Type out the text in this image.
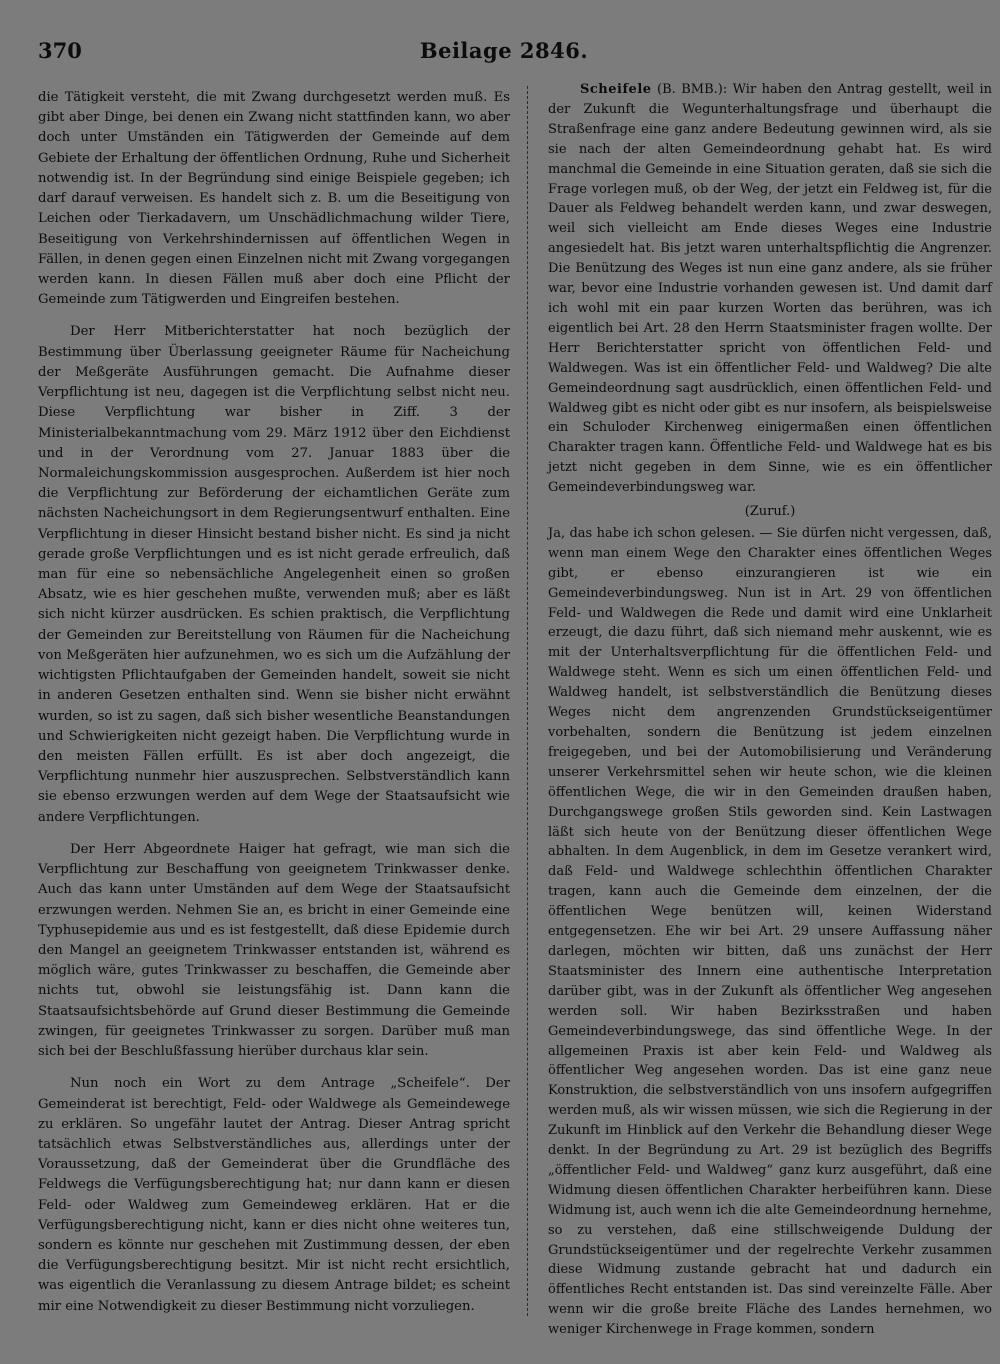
370	Beilage 2846.

die Tätigkeit versteht, die mit Zwang durchgesetzt werden muß. Es gibt aber Dinge, bei denen ein Zwang nicht stattfinden kann, wo aber doch unter Umständen ein Tätigwerden der Gemeinde auf dem Gebiete der Erhaltung der öffentlichen Ordnung, Ruhe und Sicherheit notwendig ist. In der Begründung sind einige Beispiele gegeben; ich darf darauf verweisen. Es handelt sich z. B. um die Beseitigung von Leichen oder Tierkadavern, um Unschädlichmachung wilder Tiere, Beseitigung von Verkehrshindernissen auf öffentlichen Wegen in Fällen, in denen gegen einen Einzelnen nicht mit Zwang vorgegangen werden kann. In diesen Fällen muß aber doch eine Pflicht der Gemeinde zum Tätigwerden und Eingreifen bestehen.

Der Herr Mitberichterstatter hat noch bezüglich der Bestimmung über Überlassung geeigneter Räume für Nacheichung der Meßgeräte Ausführungen gemacht. Die Aufnahme dieser Verpflichtung ist neu, dagegen ist die Verpflichtung selbst nicht neu. Diese Verpflichtung war bisher in Ziff. 3 der Ministerialbekanntmachung vom 29. März 1912 über den Eichdienst und in der Verordnung vom 27. Januar 1883 über die Normaleichungskommission ausgesprochen. Außerdem ist hier noch die Verpflichtung zur Beförderung der eichamtlichen Geräte zum nächsten Nacheichungsort in dem Regierungsentwurf enthalten. Eine Verpflichtung in dieser Hinsicht bestand bisher nicht. Es sind ja nicht gerade große Verpflichtungen und es ist nicht gerade erfreulich, daß man für eine so nebensächliche Angelegenheit einen so großen Absatz, wie es hier geschehen mußte, verwenden muß; aber es läßt sich nicht kürzer ausdrücken. Es schien praktisch, die Verpflichtung der Gemeinden zur Bereitstellung von Räumen für die Nacheichung von Meßgeräten hier aufzunehmen, wo es sich um die Aufzählung der wichtigsten Pflichtaufgaben der Gemeinden handelt, soweit sie nicht in anderen Gesetzen enthalten sind. Wenn sie bisher nicht erwähnt wurden, so ist zu sagen, daß sich bisher wesentliche Beanstandungen und Schwierigkeiten nicht gezeigt haben. Die Verpflichtung wurde in den meisten Fällen erfüllt. Es ist aber doch angezeigt, die Verpflichtung nunmehr hier auszusprechen. Selbstverständlich kann sie ebenso erzwungen werden auf dem Wege der Staatsaufsicht wie andere Verpflichtungen.

Der Herr Abgeordnete Haiger hat gefragt, wie man sich die Verpflichtung zur Beschaffung von geeignetem Trinkwasser denke. Auch das kann unter Umständen auf dem Wege der Staatsaufsicht erzwungen werden. Nehmen Sie an, es bricht in einer Gemeinde eine Typhusepidemie aus und es ist festgestellt, daß diese Epidemie durch den Mangel an geeignetem Trinkwasser entstanden ist, während es möglich wäre, gutes Trinkwasser zu beschaffen, die Gemeinde aber nichts tut, obwohl sie leistungsfähig ist. Dann kann die Staatsaufsichtsbehörde auf Grund dieser Bestimmung die Gemeinde zwingen, für geeignetes Trinkwasser zu sorgen. Darüber muß man sich bei der Beschlußfassung hierüber durchaus klar sein.

Nun noch ein Wort zu dem Antrage „Scheifele“. Der Gemeinderat ist berechtigt, Feld- oder Waldwege als Gemeindewege zu erklären. So ungefähr lautet der Antrag. Dieser Antrag spricht tatsächlich etwas Selbstverständliches aus, allerdings unter der Voraussetzung, daß der Gemeinderat über die Grundfläche des Feldwegs die Verfügungsberechtigung hat; nur dann kann er diesen Feld- oder Waldweg zum Gemeindeweg erklären. Hat er die Verfügungsberechtigung nicht, kann er dies nicht ohne weiteres tun, sondern es könnte nur geschehen mit Zustimmung dessen, der eben die Verfügungsberechtigung besitzt. Mir ist nicht recht ersichtlich, was eigentlich die Veranlassung zu diesem Antrage bildet; es scheint mir eine Notwendigkeit zu dieser Bestimmung nicht vorzuliegen.

Scheifele (B. BMB.): Wir haben den Antrag gestellt, weil in der Zukunft die Wegunterhaltungsfrage und überhaupt die Straßenfrage eine ganz andere Bedeutung gewinnen wird, als sie sie nach der alten Gemeindeordnung gehabt hat. Es wird manchmal die Gemeinde in eine Situation geraten, daß sie sich die Frage vorlegen muß, ob der Weg, der jetzt ein Feldweg ist, für die Dauer als Feldweg behandelt werden kann, und zwar deswegen, weil sich vielleicht am Ende dieses Weges eine Industrie angesiedelt hat. Bis jetzt waren unterhaltspflichtig die Angrenzer. Die Benützung des Weges ist nun eine ganz andere, als sie früher war, bevor eine Industrie vorhanden gewesen ist. Und damit darf ich wohl mit ein paar kurzen Worten das berühren, was ich eigentlich bei Art. 28 den Herrn Staatsminister fragen wollte. Der Herr Berichterstatter spricht von öffentlichen Feld- und Waldwegen. Was ist ein öffentlicher Feld- und Waldweg? Die alte Gemeindeordnung sagt ausdrücklich, einen öffentlichen Feld- und Waldweg gibt es nicht oder gibt es nur insofern, als beispielsweise ein Schuloder Kirchenweg einigermaßen einen öffentlichen Charakter tragen kann. Öffentliche Feld- und Waldwege hat es bis jetzt nicht gegeben in dem Sinne, wie es ein öffentlicher Gemeindeverbindungsweg war.

(Zuruf.)

Ja, das habe ich schon gelesen. — Sie dürfen nicht vergessen, daß, wenn man einem Wege den Charakter eines öffentlichen Weges gibt, er ebenso einzurangieren ist wie ein Gemeindeverbindungsweg. Nun ist in Art. 29 von öffentlichen Feld- und Waldwegen die Rede und damit wird eine Unklarheit erzeugt, die dazu führt, daß sich niemand mehr auskennt, wie es mit der Unterhaltsverpflichtung für die öffentlichen Feld- und Waldwege steht. Wenn es sich um einen öffentlichen Feld- und Waldweg handelt, ist selbstverständlich die Benützung dieses Weges nicht dem angrenzenden Grundstückseigentümer vorbehalten, sondern die Benützung ist jedem einzelnen freigegeben, und bei der Automobilisierung und Veränderung unserer Verkehrsmittel sehen wir heute schon, wie die kleinen öffentlichen Wege, die wir in den Gemeinden draußen haben, Durchgangswege großen Stils geworden sind. Kein Lastwagen läßt sich heute von der Benützung dieser öffentlichen Wege abhalten. In dem Augenblick, in dem im Gesetze verankert wird, daß Feld- und Waldwege schlechthin öffentlichen Charakter tragen, kann auch die Gemeinde dem einzelnen, der die öffentlichen Wege benützen will, keinen Widerstand entgegensetzen. Ehe wir bei Art. 29 unsere Auffassung näher darlegen, möchten wir bitten, daß uns zunächst der Herr Staatsminister des Innern eine authentische Interpretation darüber gibt, was in der Zukunft als öffentlicher Weg angesehen werden soll. Wir haben Bezirksstraßen und haben Gemeindeverbindungswege, das sind öffentliche Wege. In der allgemeinen Praxis ist aber kein Feld- und Waldweg als öffentlicher Weg angesehen worden. Das ist eine ganz neue Konstruktion, die selbstverständlich von uns insofern aufgegriffen werden muß, als wir wissen müssen, wie sich die Regierung in der Zukunft im Hinblick auf den Verkehr die Behandlung dieser Wege denkt. In der Begründung zu Art. 29 ist bezüglich des Begriffs „öffentlicher Feld- und Waldweg“ ganz kurz ausgeführt, daß eine Widmung diesen öffentlichen Charakter herbeiführen kann. Diese Widmung ist, auch wenn ich die alte Gemeindeordnung hernehme, so zu verstehen, daß eine stillschweigende Duldung der Grundstückseigentümer und der regelrechte Verkehr zusammen diese Widmung zustande gebracht hat und dadurch ein öffentliches Recht entstanden ist. Das sind vereinzelte Fälle. Aber wenn wir die große breite Fläche des Landes hernehmen, wo weniger Kirchenwege in Frage kommen, sondern
